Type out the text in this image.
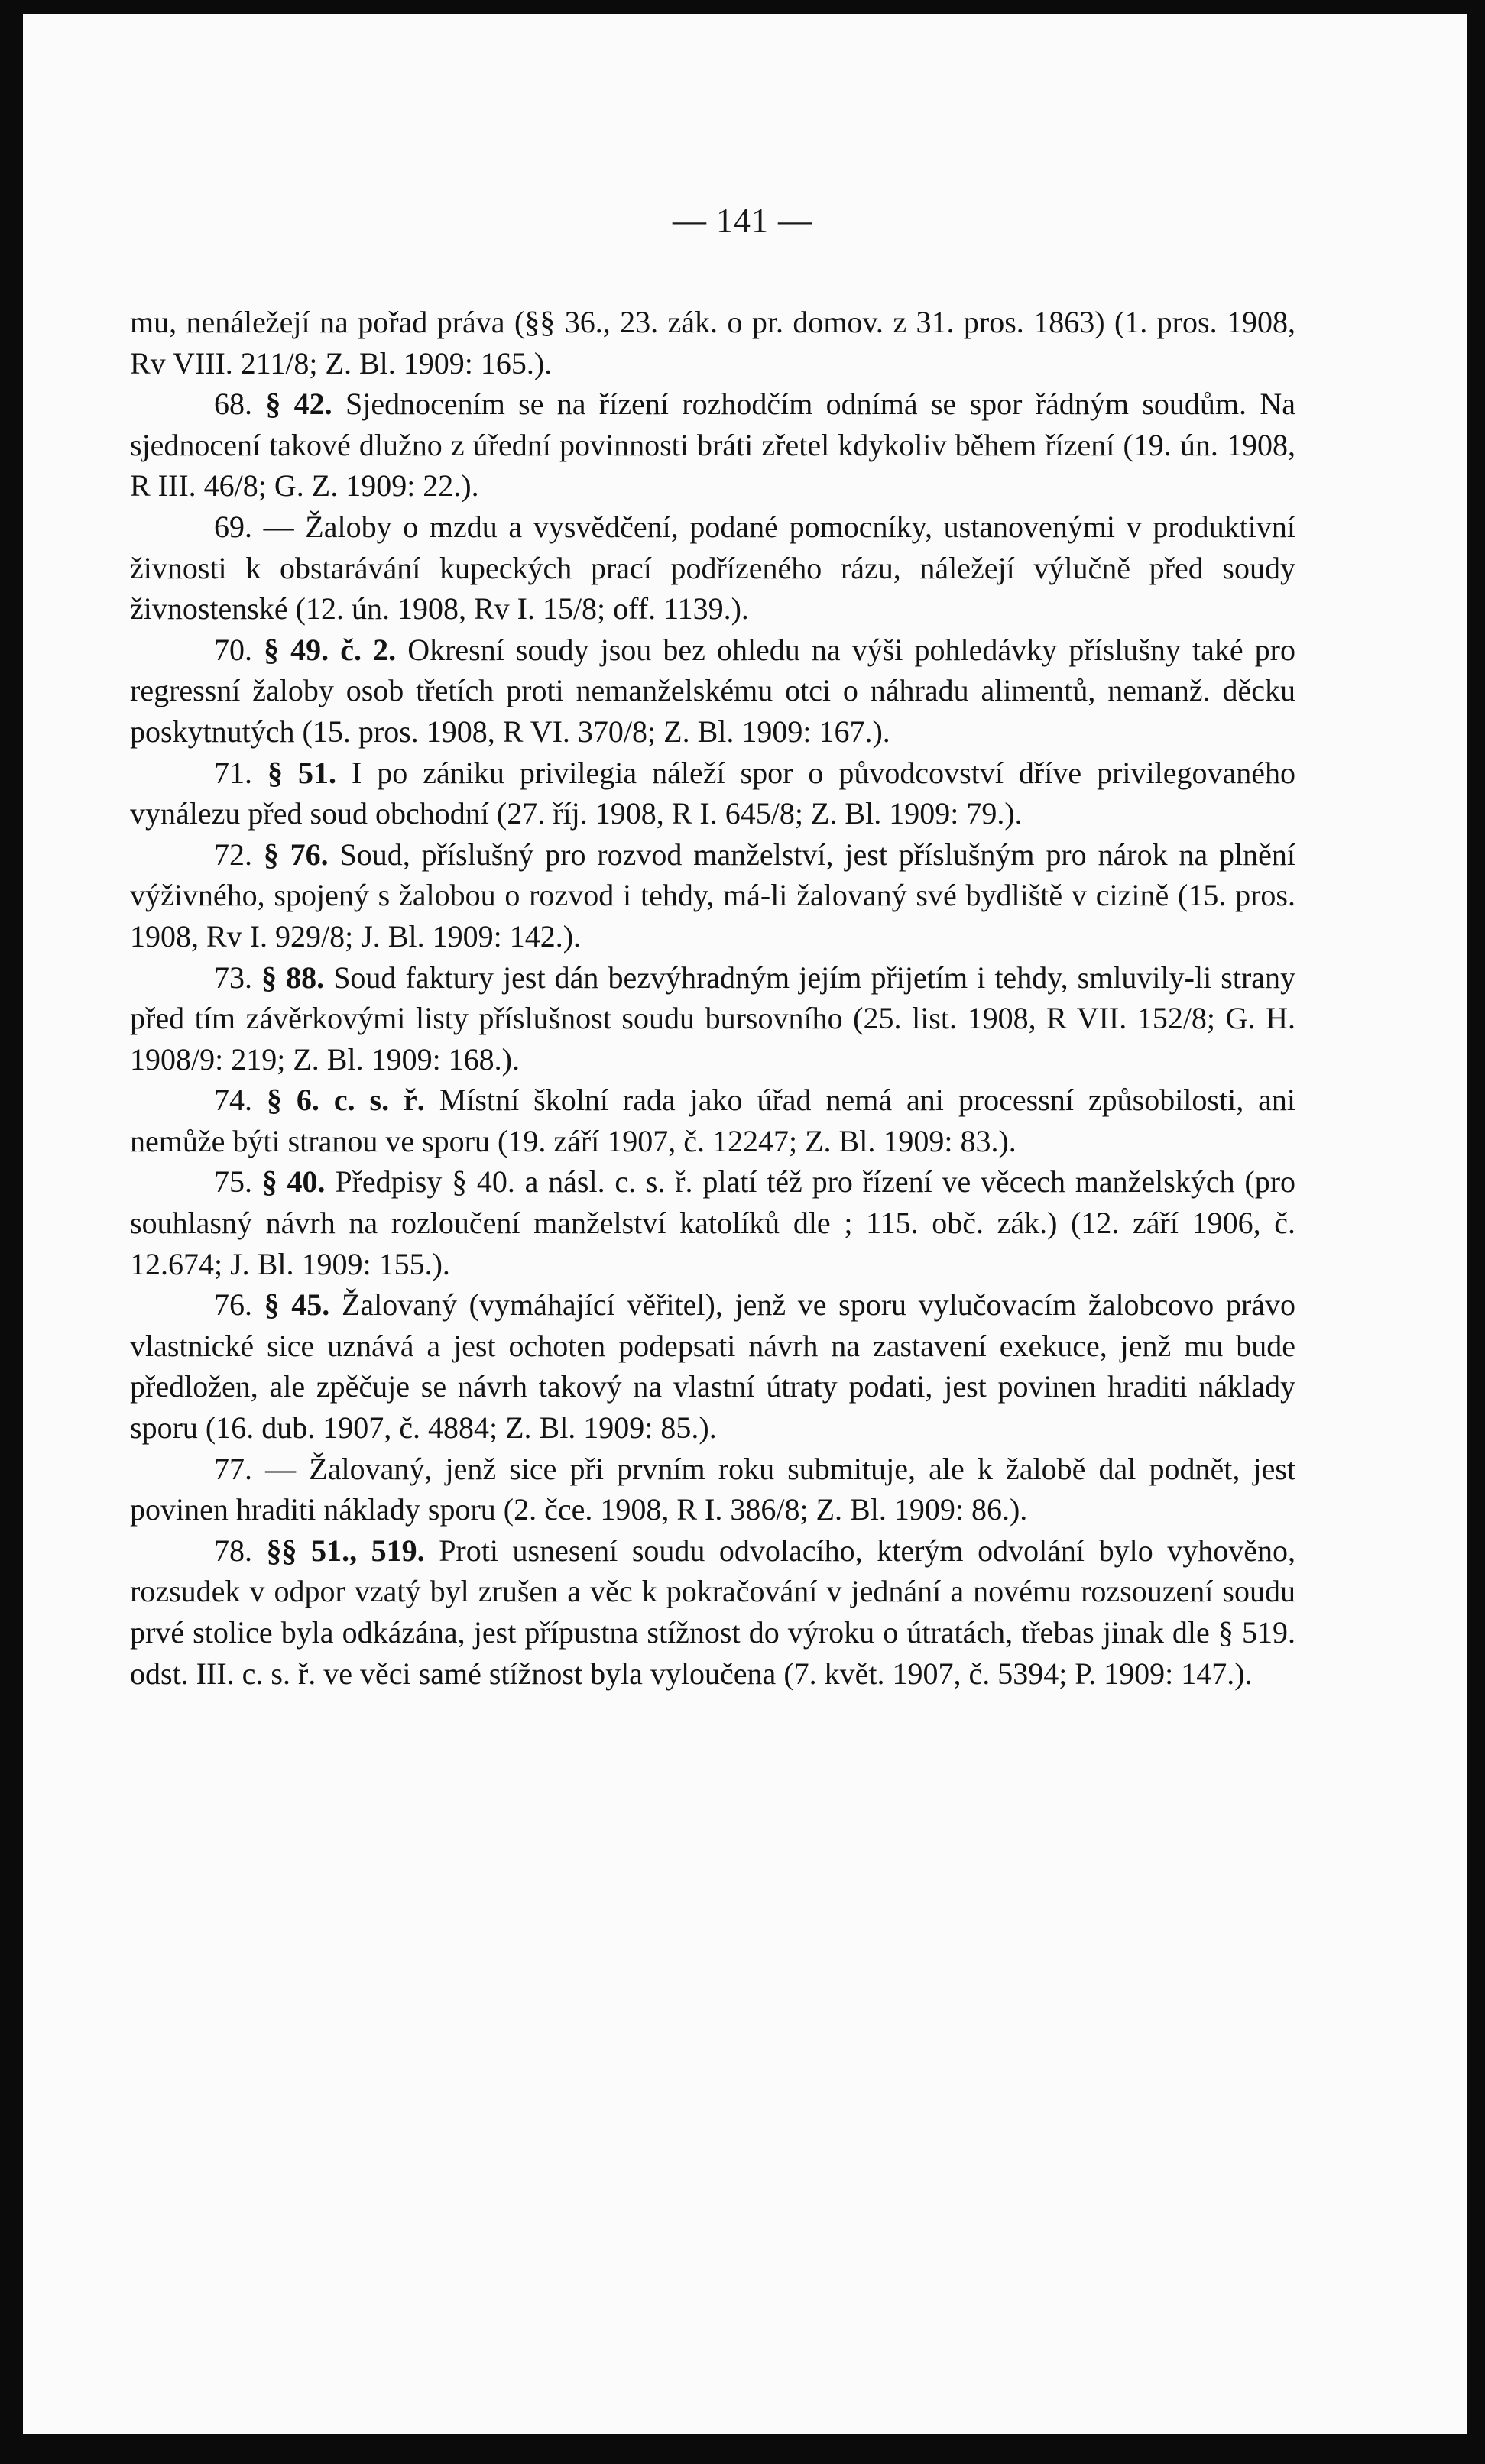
— 141 —

mu, nenáležejí na pořad práva (§§ 36., 23. zák. o pr. domov. z 31. pros. 1863) (1. pros. 1908, Rv VIII. 211/8; Z. Bl. 1909: 165.).

68. § 42. Sjednocením se na řízení rozhodčím odnímá se spor řádným soudům. Na sjednocení takové dlužno z úřední povinnosti bráti zřetel kdykoliv během řízení (19. ún. 1908, R III. 46/8; G. Z. 1909: 22.).

69. — Žaloby o mzdu a vysvědčení, podané pomocníky, ustanovenými v produktivní živnosti k obstarávání kupeckých prací podřízeného rázu, náležejí výlučně před soudy živnostenské (12. ún. 1908, Rv I. 15/8; off. 1139.).

70. § 49. č. 2. Okresní soudy jsou bez ohledu na výši pohledávky příslušny také pro regressní žaloby osob třetích proti nemanželskému otci o náhradu alimentů, nemanž. děcku poskytnutých (15. pros. 1908, R VI. 370/8; Z. Bl. 1909: 167.).

71. § 51. I po zániku privilegia náleží spor o původcovství dříve privilegovaného vynálezu před soud obchodní (27. říj. 1908, R I. 645/8; Z. Bl. 1909: 79.).

72. § 76. Soud, příslušný pro rozvod manželství, jest příslušným pro nárok na plnění výživného, spojený s žalobou o rozvod i tehdy, má-li žalovaný své bydliště v cizině (15. pros. 1908, Rv I. 929/8; J. Bl. 1909: 142.).

73. § 88. Soud faktury jest dán bezvýhradným jejím přijetím i tehdy, smluvily-li strany před tím závěrkovými listy příslušnost soudu bursovního (25. list. 1908, R VII. 152/8; G. H. 1908/9: 219; Z. Bl. 1909: 168.).

74. § 6. c. s. ř. Místní školní rada jako úřad nemá ani processní způsobilosti, ani nemůže býti stranou ve sporu (19. září 1907, č. 12247; Z. Bl. 1909: 83.).

75. § 40. Předpisy § 40. a násl. c. s. ř. platí též pro řízení ve věcech manželských (pro souhlasný návrh na rozloučení manželství katolíků dle ; 115. obč. zák.) (12. září 1906, č. 12.674; J. Bl. 1909: 155.).

76. § 45. Žalovaný (vymáhající věřitel), jenž ve sporu vylučovacím žalobcovo právo vlastnické sice uznává a jest ochoten podepsati návrh na zastavení exekuce, jenž mu bude předložen, ale zpěčuje se návrh takový na vlastní útraty podati, jest povinen hraditi náklady sporu (16. dub. 1907, č. 4884; Z. Bl. 1909: 85.).

77. — Žalovaný, jenž sice při prvním roku submituje, ale k žalobě dal podnět, jest povinen hraditi náklady sporu (2. čce. 1908, R I. 386/8; Z. Bl. 1909: 86.).

78. §§ 51., 519. Proti usnesení soudu odvolacího, kterým odvolání bylo vyhověno, rozsudek v odpor vzatý byl zrušen a věc k pokračování v jednání a novému rozsouzení soudu prvé stolice byla odkázána, jest přípustna stížnost do výroku o útratách, třebas jinak dle § 519. odst. III. c. s. ř. ve věci samé stížnost byla vyloučena (7. květ. 1907, č. 5394; P. 1909: 147.).
